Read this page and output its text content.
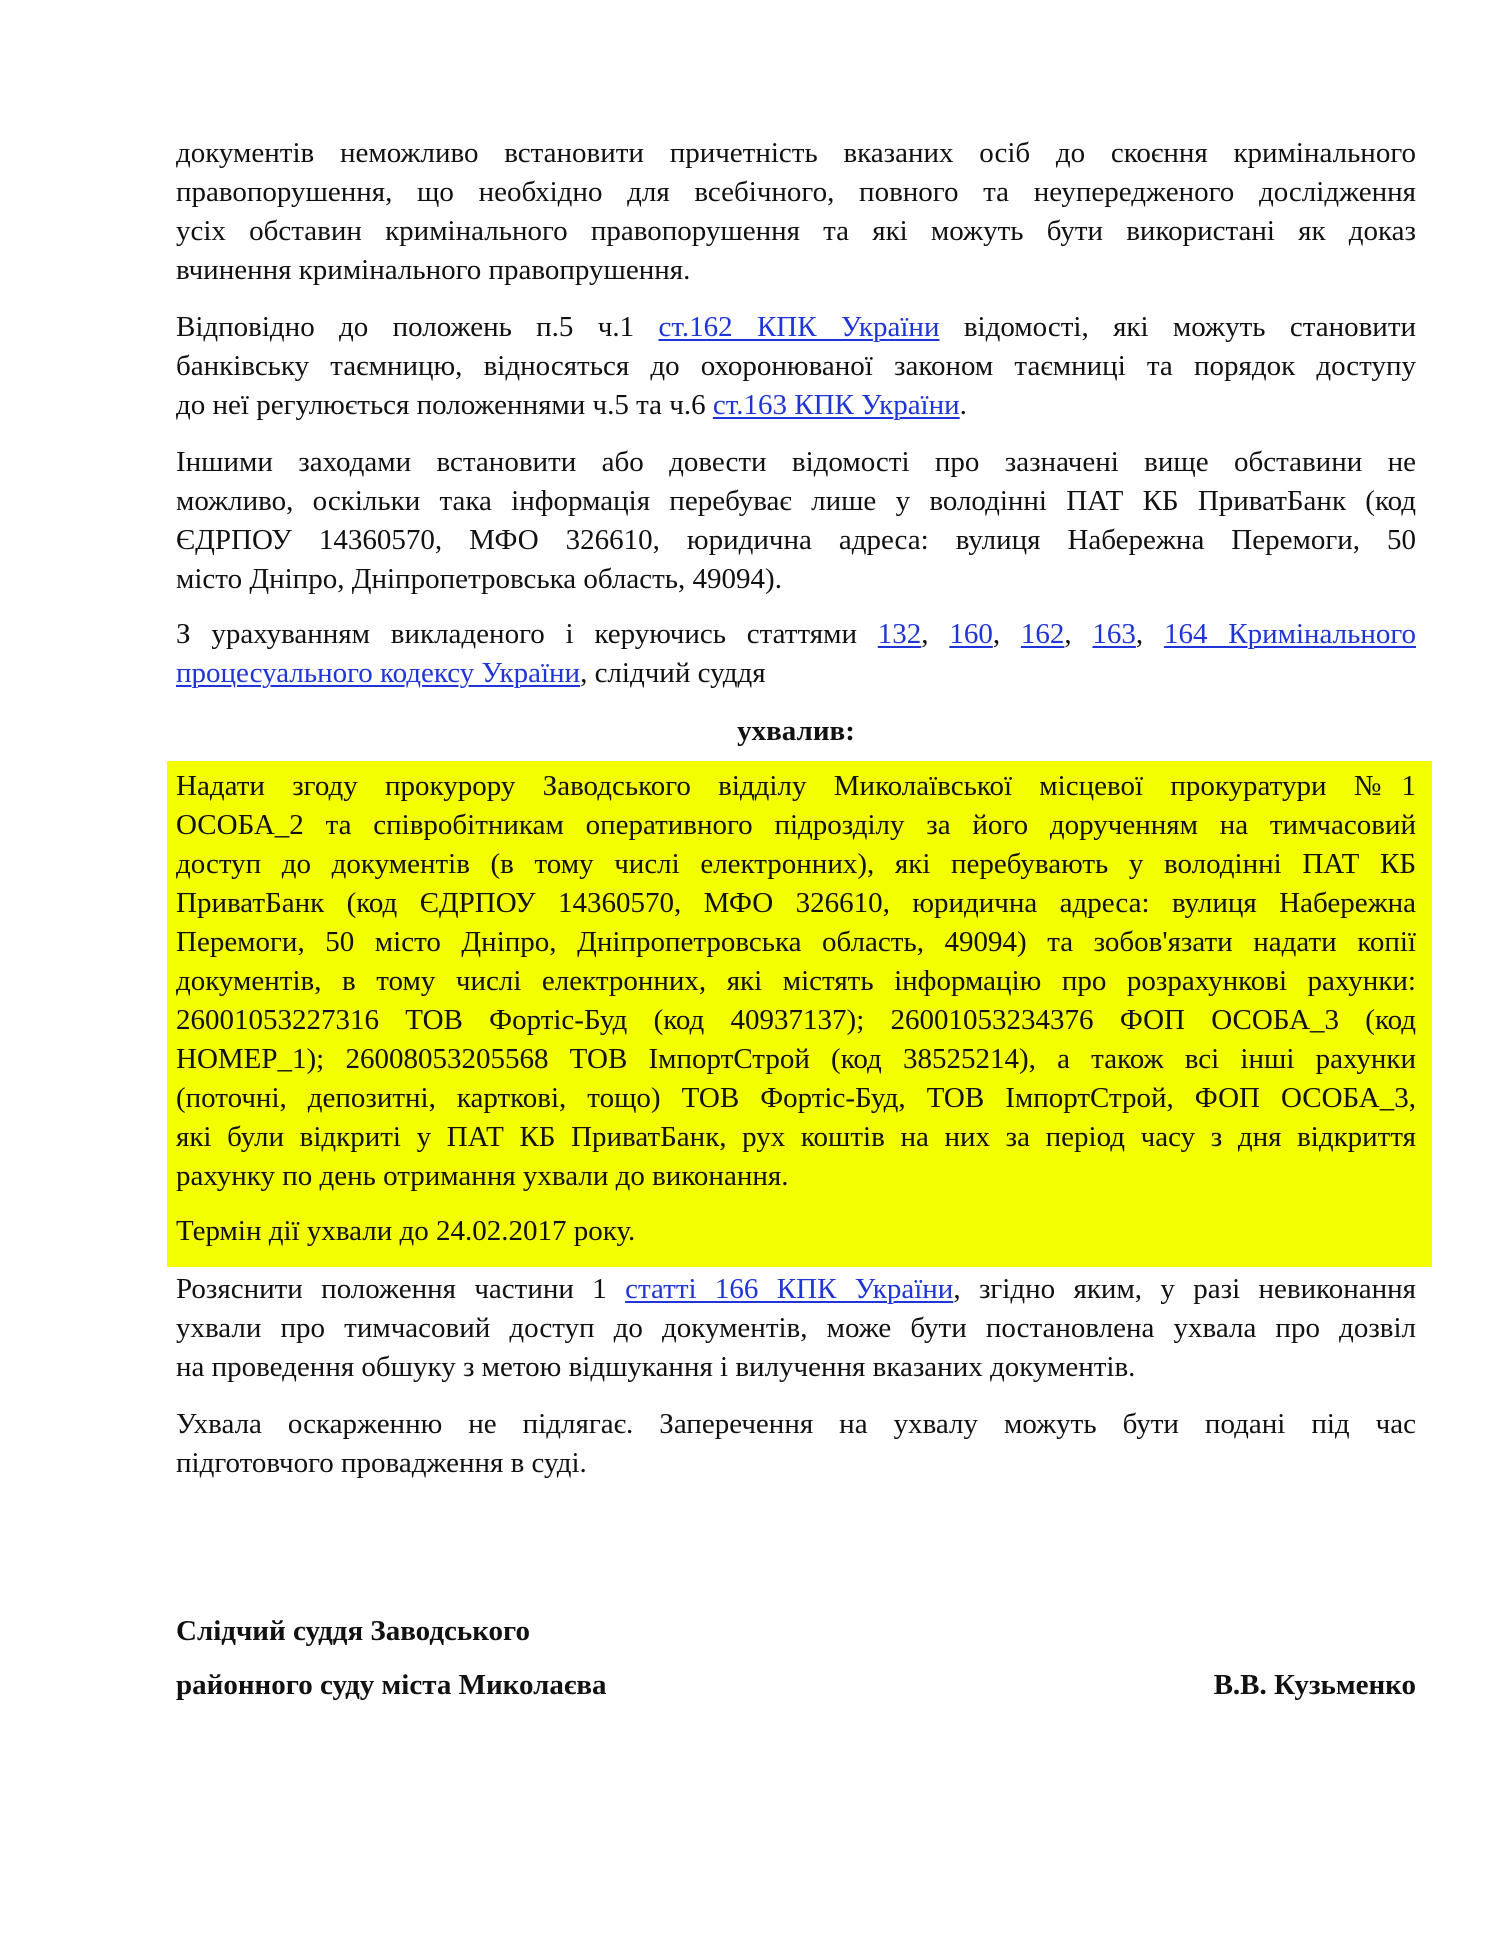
документів неможливо встановити причетність вказаних осіб до скоєння кримінального
правопорушення, що необхідно для всебічного, повного та неупередженого дослідження
усіх обставин кримінального правопорушення та які можуть бути використані як доказ
вчинення кримінального правопрушення.
Відповідно до положень п.5 ч.1 ст.162 КПК України відомості, які можуть становити
банківську таємницю, відносяться до охоронюваної законом таємниці та порядок доступу
до неї регулюється положеннями ч.5 та ч.6 ст.163 КПК України.
Іншими заходами встановити або довести відомості про зазначені вище обставини не
можливо, оскільки така інформація перебуває лише у володінні ПАТ КБ ПриватБанк (код
ЄДРПОУ 14360570, МФО 326610, юридична адреса: вулиця Набережна Перемоги, 50
місто Дніпро, Дніпропетровська область, 49094).
З урахуванням викладеного і керуючись статтями 132, 160, 162, 163, 164 Кримінального
процесуального кодексу України, слідчий суддя
ухвалив:
Надати згоду прокурору Заводського відділу Миколаївської місцевої прокуратури №1
ОСОБА_2 та співробітникам оперативного підрозділу за його дорученням на тимчасовий
доступ до документів (в тому числі електронних), які перебувають у володінні ПАТ КБ
ПриватБанк (код ЄДРПОУ 14360570, МФО 326610, юридична адреса: вулиця Набережна
Перемоги, 50 місто Дніпро, Дніпропетровська область, 49094) та зобов'язати надати копії
документів, в тому числі електронних, які містять інформацію про розрахункові рахунки:
26001053227316 ТОВ Фортіс-Буд (код 40937137); 26001053234376 ФОП ОСОБА_3 (код
НОМЕР_1); 26008053205568 ТОВ ІмпортСтрой (код 38525214), а також всі інші рахунки
(поточні, депозитні, карткові, тощо) ТОВ Фортіс-Буд, ТОВ ІмпортСтрой, ФОП ОСОБА_3,
які були відкриті у ПАТ КБ ПриватБанк, рух коштів на них за період часу з дня відкриття
рахунку по день отримання ухвали до виконання.
Термін дії ухвали до 24.02.2017 року.
Розяснити положення частини 1 статті 166 КПК України, згідно яким, у разі невиконання
ухвали про тимчасовий доступ до документів, може бути постановлена ухвала про дозвіл
на проведення обшуку з метою відшукання і вилучення вказаних документів.
Ухвала оскарженню не підлягає. Заперечення на ухвалу можуть бути подані під час
підготовчого провадження в суді.
Слідчий суддя Заводського
районного суду міста Миколаєва	В.В. Кузьменко
